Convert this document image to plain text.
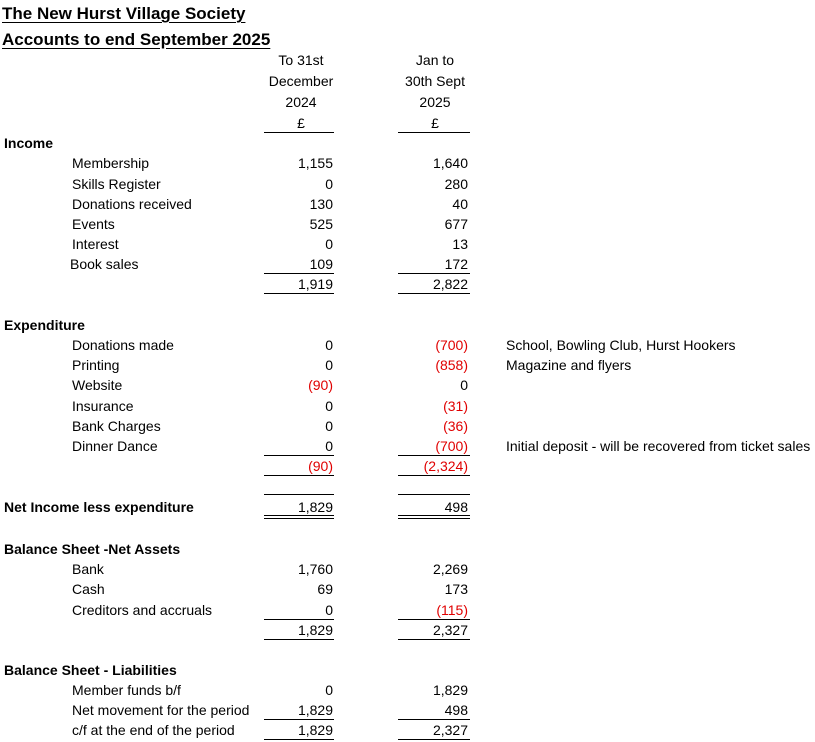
The New Hurst Village Society
Accounts to end September 2025
To 31st
December
2024
£
Jan to
30th Sept
2025
£
Income
Membership	1,155	1,640
Skills Register	0	280
Donations received	130	40
Events	525	677
Interest	0	13
Book sales	109	172
1,919	2,822
Expenditure
Donations made	0	(700)	School, Bowling Club, Hurst Hookers
Printing	0	(858)	Magazine and flyers
Website	(90)	0
Insurance	0	(31)
Bank Charges	0	(36)
Dinner Dance	0	(700)	Initial deposit - will be recovered from ticket sales
(90)	(2,324)
Net Income less expenditure	1,829	498
Balance Sheet -Net Assets
Bank	1,760	2,269
Cash	69	173
Creditors and accruals	0	(115)
1,829	2,327
Balance Sheet - Liabilities
Member funds b/f	0	1,829
Net movement for the period	1,829	498
c/f at the end of the period	1,829	2,327
